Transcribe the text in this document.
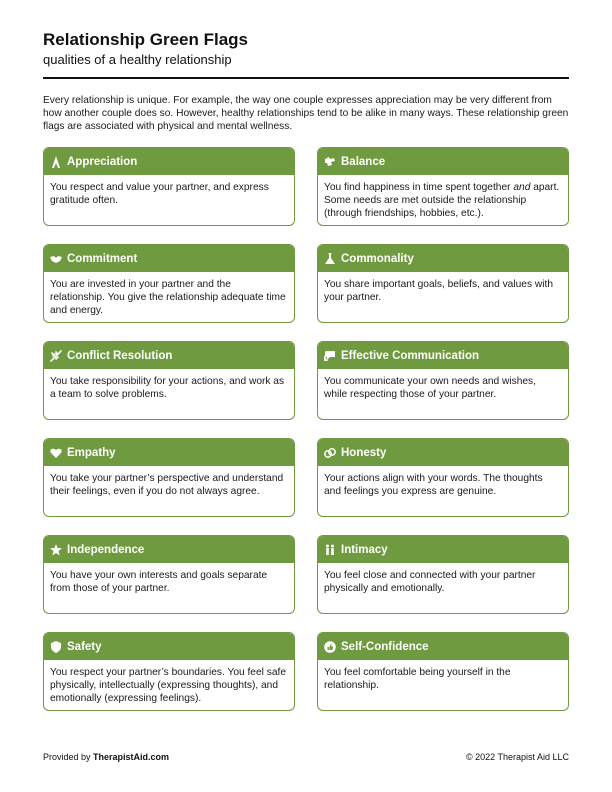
Relationship Green Flags
qualities of a healthy relationship
Every relationship is unique. For example, the way one couple expresses appreciation may be very different from how another couple does so. However, healthy relationships tend to be alike in many ways. These relationship green flags are associated with physical and mental wellness.
Appreciation
You respect and value your partner, and express gratitude often.
Balance
You find happiness in time spent together and apart. Some needs are met outside the relationship (through friendships, hobbies, etc.).
Commitment
You are invested in your partner and the relationship. You give the relationship adequate time and energy.
Commonality
You share important goals, beliefs, and values with your partner.
Conflict Resolution
You take responsibility for your actions, and work as a team to solve problems.
Effective Communication
You communicate your own needs and wishes, while respecting those of your partner.
Empathy
You take your partner’s perspective and understand their feelings, even if you do not always agree.
Honesty
Your actions align with your words. The thoughts and feelings you express are genuine.
Independence
You have your own interests and goals separate from those of your partner.
Intimacy
You feel close and connected with your partner physically and emotionally.
Safety
You respect your partner’s boundaries. You feel safe physically, intellectually (expressing thoughts), and emotionally (expressing feelings).
Self-Confidence
You feel comfortable being yourself in the relationship.
Provided by TherapistAid.com	© 2022 Therapist Aid LLC
